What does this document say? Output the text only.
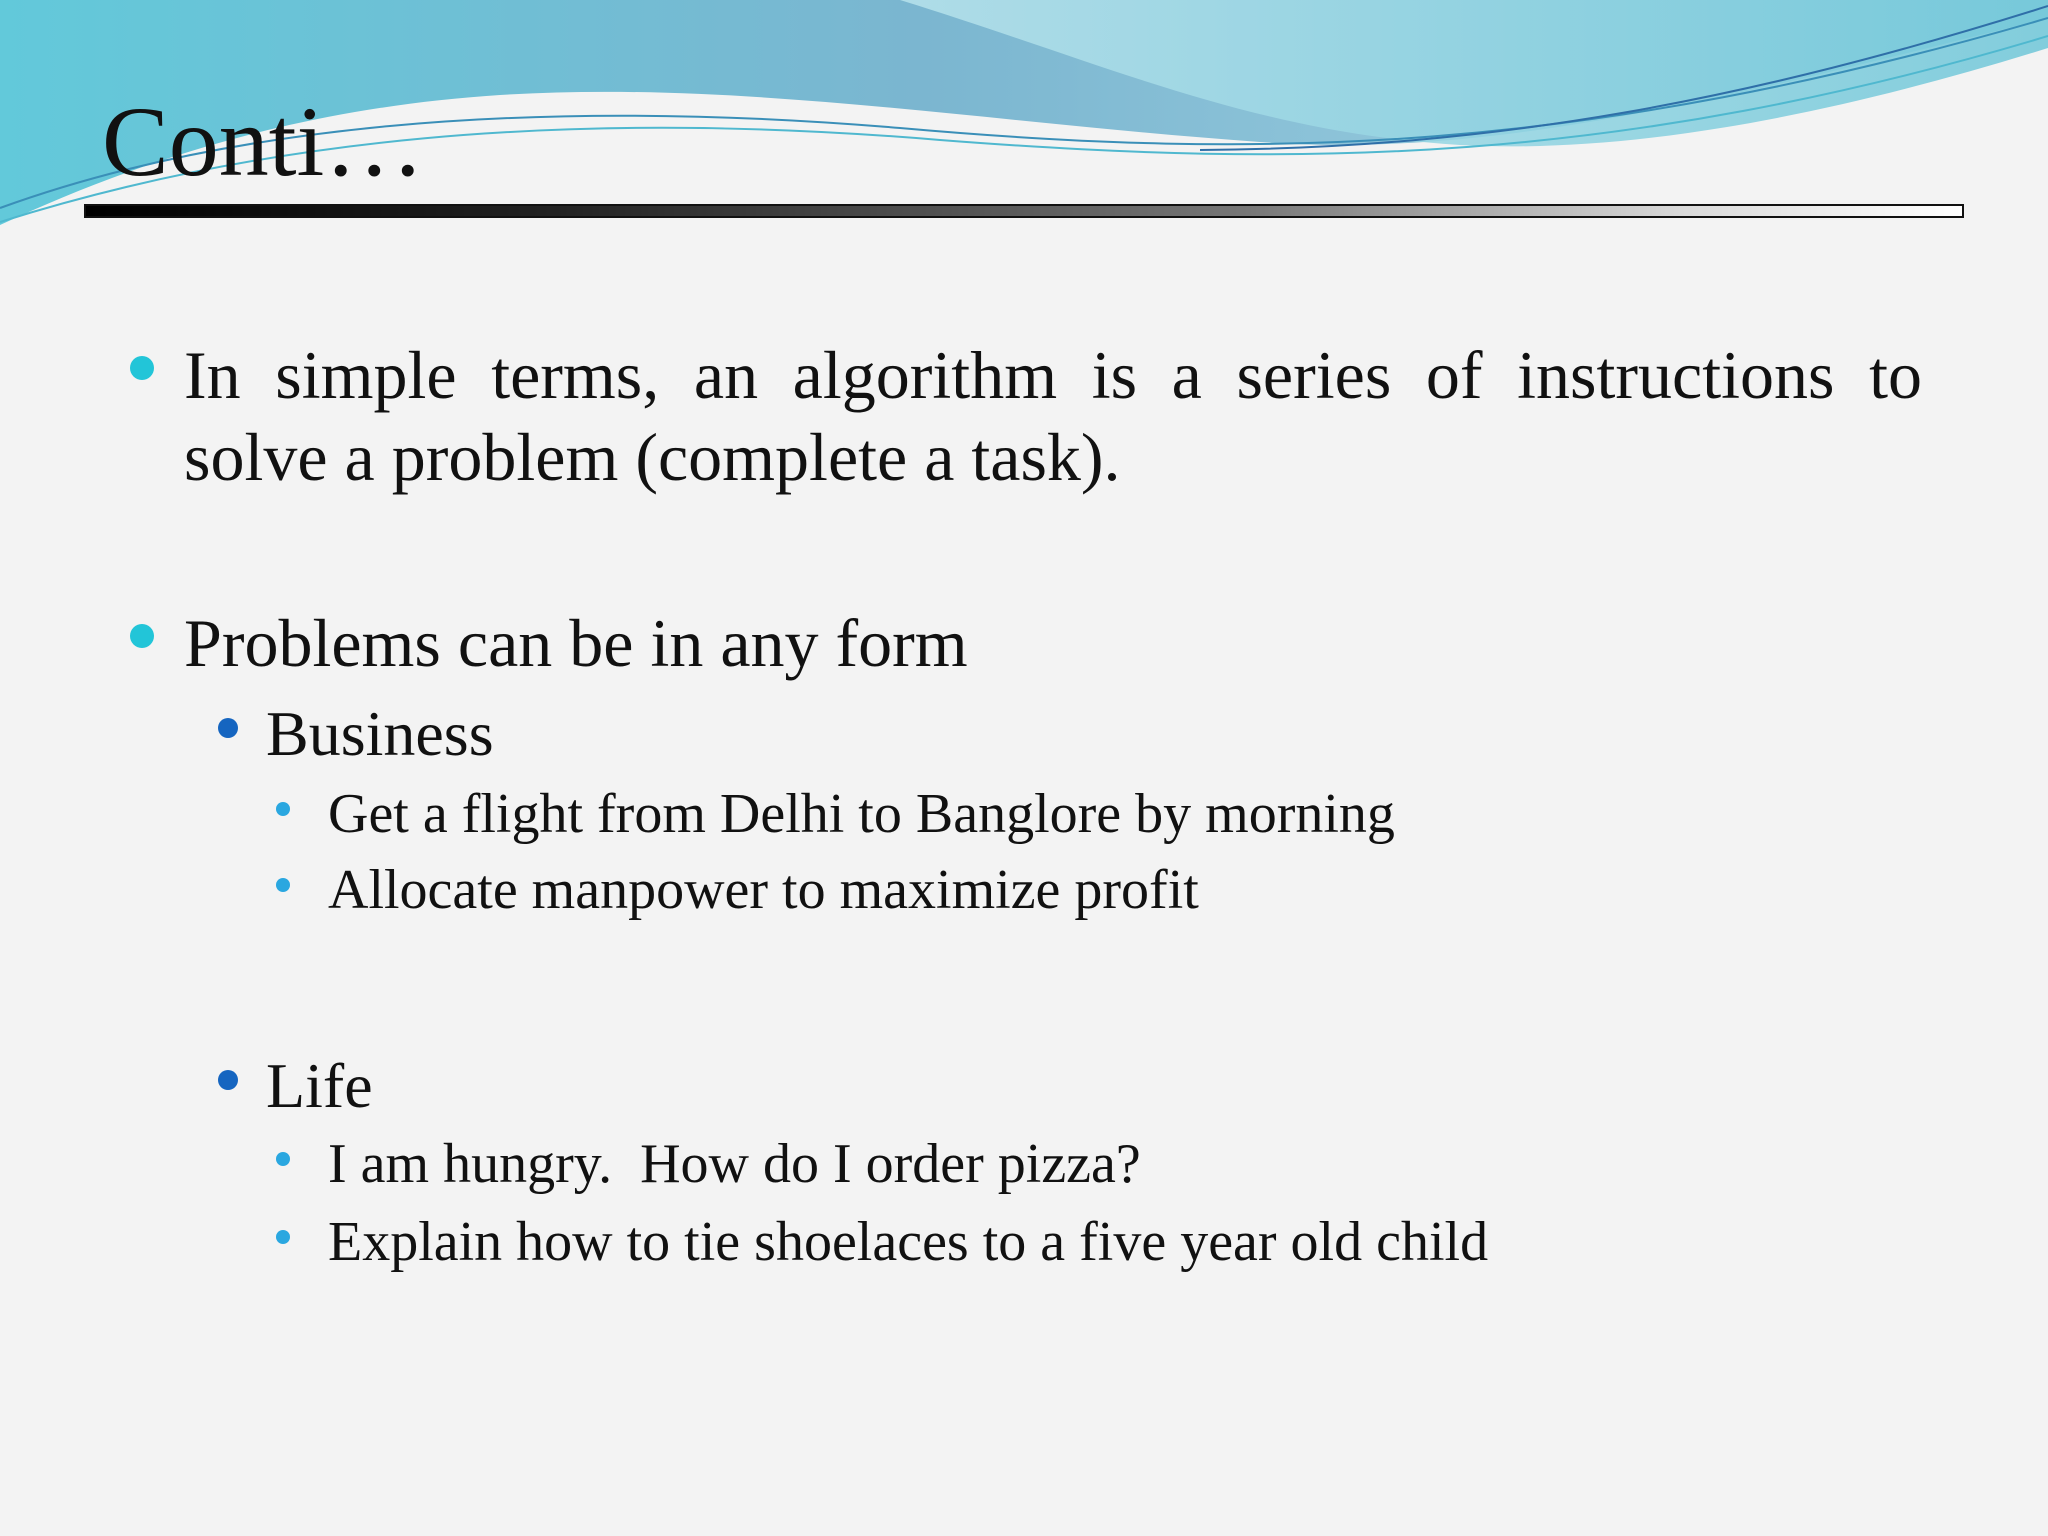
Conti…
In simple terms, an algorithm is a series of instructions to
solve a problem (complete a task).
Problems can be in any form
Business
Get a flight from Delhi to Banglore by morning
Allocate manpower to maximize profit
Life
I am hungry.  How do I order pizza?
Explain how to tie shoelaces to a five year old child
